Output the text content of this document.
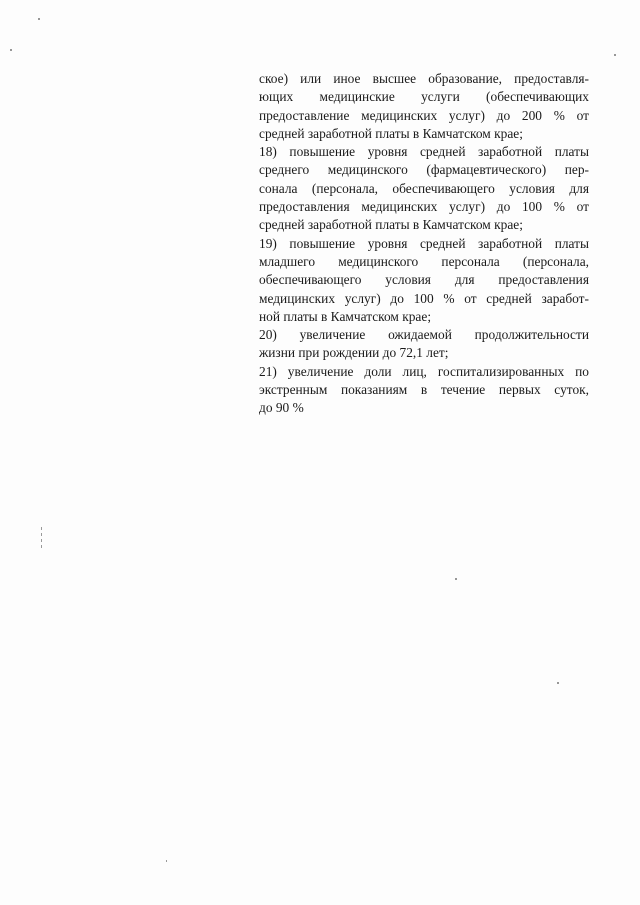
ское) или иное высшее образование, предоставля-
ющих медицинские услуги (обеспечивающих
предоставление медицинских услуг) до 200 % от
средней заработной платы в Камчатском крае;

18) повышение уровня средней заработной платы
среднего медицинского (фармацевтического) пер-
сонала (персонала, обеспечивающего условия для
предоставления медицинских услуг) до 100 % от
средней заработной платы в Камчатском крае;

19) повышение уровня средней заработной платы
младшего медицинского персонала (персонала,
обеспечивающего условия для предоставления
медицинских услуг) до 100 % от средней заработ-
ной платы в Камчатском крае;

20) увеличение ожидаемой продолжительности
жизни при рождении до 72,1 лет;

21) увеличение доли лиц, госпитализированных по
экстренным показаниям в течение первых суток,
до 90 %
